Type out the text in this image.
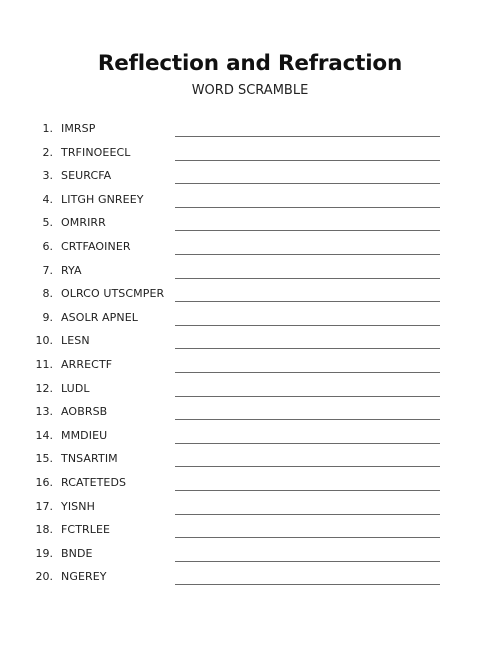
Reflection and Refraction
WORD SCRAMBLE
1. IMRSP
2. TRFINOEECL
3. SEURCFA
4. LITGH GNREEY
5. OMRIRR
6. CRTFAOINER
7. RYA
8. OLRCO UTSCMPER
9. ASOLR APNEL
10. LESN
11. ARRECTF
12. LUDL
13. AOBRSB
14. MMDIEU
15. TNSARTIM
16. RCATETEDS
17. YISNH
18. FCTRLEE
19. BNDE
20. NGEREY
